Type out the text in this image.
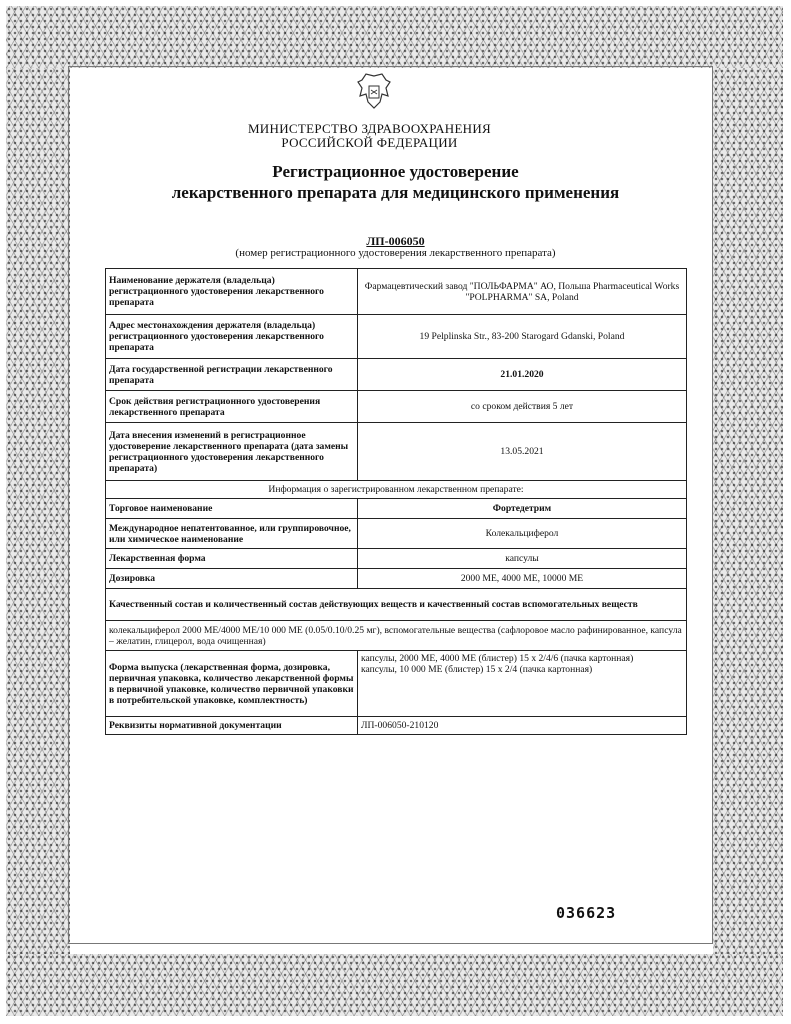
МИНИСТЕРСТВО ЗДРАВООХРАНЕНИЯ
РОССИЙСКОЙ ФЕДЕРАЦИИ
Регистрационное удостоверение
лекарственного препарата для медицинского применения
ЛП-006050
(номер регистрационного удостоверения лекарственного препарата)
Наименование держателя (владельца) регистрационного удостоверения лекарственного препарата	Фармацевтический завод "ПОЛЬФАРМА" АО, Польша Pharmaceutical Works "POLPHARMA" SA, Poland
Адрес местонахождения держателя (владельца) регистрационного удостоверения лекарственного препарата	19 Pelplinska Str., 83-200 Starogard Gdanski, Poland
Дата государственной регистрации лекарственного препарата	21.01.2020
Срок действия регистрационного удостоверения лекарственного препарата	со сроком действия 5 лет
Дата внесения изменений в регистрационное удостоверение лекарственного препарата (дата замены регистрационного удостоверения лекарственного препарата)	13.05.2021
Информация о зарегистрированном лекарственном препарате:	
Торговое наименование	Фортедетрим
Международное непатентованное, или группировочное, или химическое наименование	Колекальциферол
Лекарственная форма	капсулы
Дозировка	2000 МЕ, 4000 МЕ, 10000 МЕ
Качественный состав и количественный состав действующих веществ и качественный состав вспомогательных веществ	
колекальциферол 2000 МЕ/4000 МЕ/10 000 МЕ (0.05/0.10/0.25 мг), вспомогательные вещества (сафлоровое масло рафинированное, капсула – желатин, глицерол, вода очищенная)	
Форма выпуска (лекарственная форма, дозировка, первичная упаковка, количество лекарственной формы в первичной упаковке, количество первичной упаковки в потребительской упаковке, комплектность)	капсулы, 2000 МЕ, 4000 МЕ (блистер) 15 x 2/4/6 (пачка картонная)
капсулы, 10 000 МЕ (блистер) 15 x 2/4 (пачка картонная)

Реквизиты нормативной документации	ЛП-006050-210120
036623
